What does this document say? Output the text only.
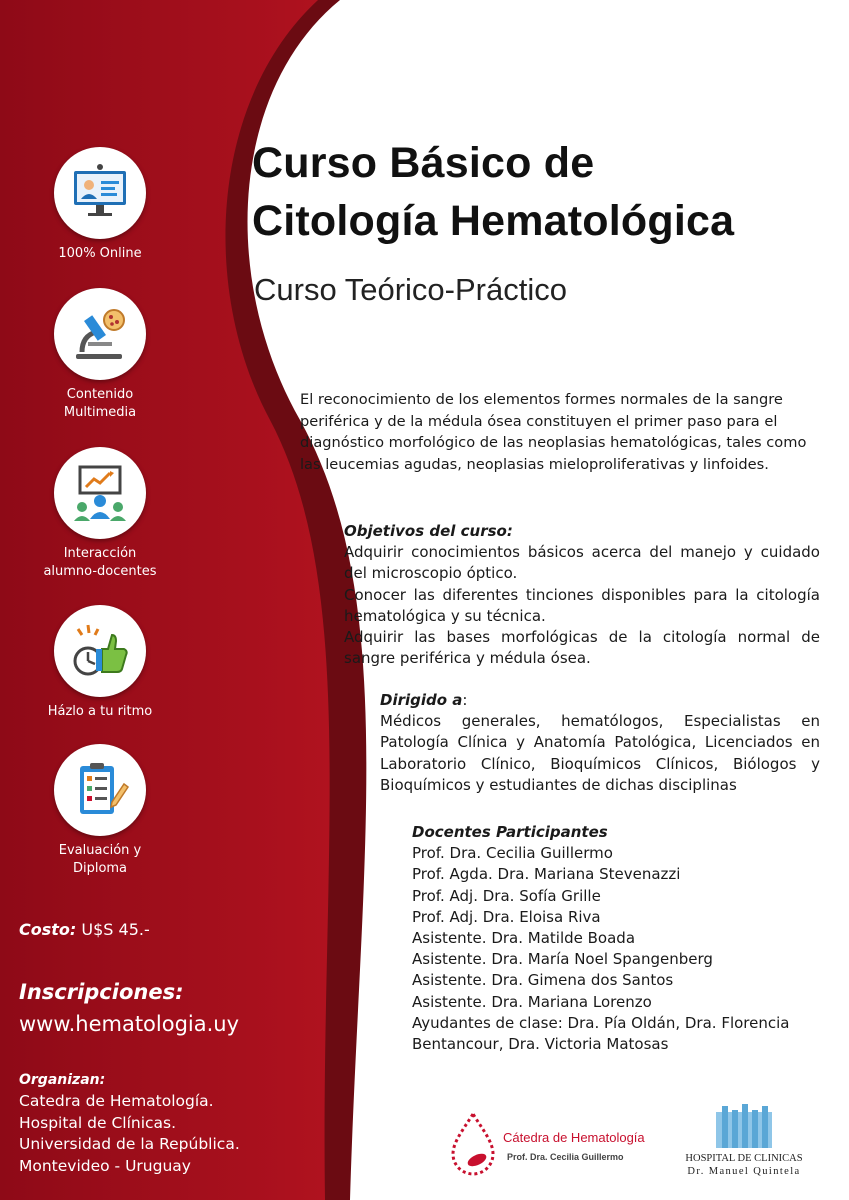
100% Online
Contenido
Multimedia
Interacción
alumno-docentes
Házlo a tu ritmo
Evaluación y
Diploma
Costo: U$S 45.-
Inscripciones:
www.hematologia.uy
Organizan:
Catedra de Hematología.
Hospital de Clínicas.
Universidad de la República.
Montevideo - Uruguay
Curso Básico de
Citología Hematológica
Curso Teórico-Práctico
El reconocimiento de los elementos formes normales de la sangre periférica y de la médula ósea constituyen el primer paso para el diagnóstico morfológico de las neoplasias hematológicas, tales como las leucemias agudas, neoplasias mieloproliferativas y linfoides.
Objetivos del curso:
Adquirir conocimientos básicos acerca del manejo y cuidado del microscopio óptico.
Conocer las diferentes tinciones disponibles para la citología hematológica y su técnica.
Adquirir las bases morfológicas de la citología normal de sangre periférica y médula ósea.
Dirigido a:
Médicos generales, hematólogos, Especialistas en Patología Clínica y Anatomía Patológica, Licenciados en Laboratorio Clínico, Bioquímicos Clínicos, Biólogos y Bioquímicos y estudiantes de dichas disciplinas
Docentes Participantes
Prof. Dra. Cecilia Guillermo
Prof. Agda. Dra. Mariana Stevenazzi
Prof. Adj. Dra. Sofía Grille
Prof. Adj. Dra. Eloisa Riva
Asistente. Dra. Matilde Boada
Asistente. Dra. María Noel Spangenberg
Asistente. Dra. Gimena dos Santos
Asistente. Dra. Mariana Lorenzo
Ayudantes de clase: Dra. Pía Oldán, Dra. Florencia Bentancour, Dra. Victoria Matosas
Cátedra de Hematología
Prof. Dra. Cecilia Guillermo	HOSPITAL DE CLINICAS
Dr. Manuel Quintela
